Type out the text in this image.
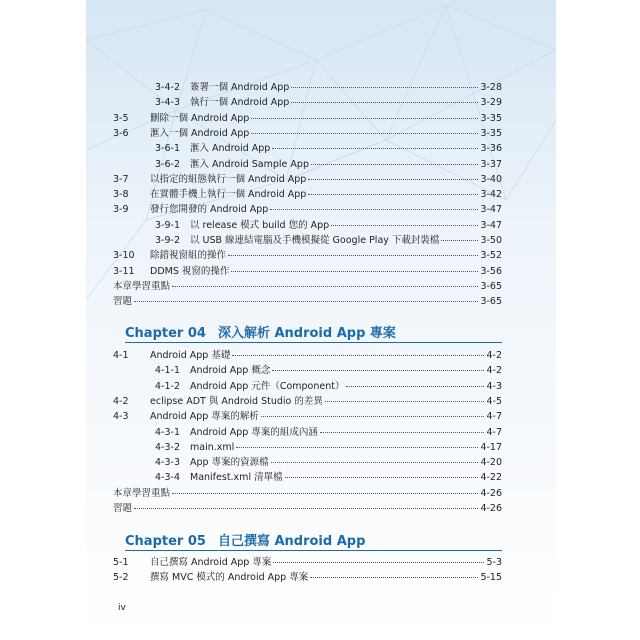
3-4-2	簽署一個 Android App	3-28
3-4-3	執行一個 Android App	3-29
3-5	刪除一個 Android App	3-35
3-6	滙入一個 Android App	3-35
3-6-1	滙入 Android App	3-36
3-6-2	滙入 Android Sample App	3-37
3-7	以指定的組態執行一個 Android App	3-40
3-8	在實體手機上執行一個 Android App	3-42
3-9	發行您開發的 Android App	3-47
3-9-1	以 release 模式 build 您的 App	3-47
3-9-2	以 USB 線連結電腦及手機模擬從 Google Play 下載封裝檔	3-50
3-10	除錯視窗組的操作	3-52
3-11	DDMS 視窗的操作	3-56
本章學習重點	3-65
習題	3-65
Chapter 04 深入解析 Android App 專案
4-1	Android App 基礎	4-2
4-1-1	Android App 概念	4-2
4-1-2	Android App 元件（Component）	4-3
4-2	eclipse ADT 與 Android Studio 的差異	4-5
4-3	Android App 專案的解析	4-7
4-3-1	Android App 專案的組成內涵	4-7
4-3-2	main.xml	4-17
4-3-3	App 專案的資源檔	4-20
4-3-4	Manifest.xml 清單檔	4-22
本章學習重點	4-26
習題	4-26
Chapter 05 自己撰寫 Android App
5-1	自己撰寫 Android App 專案	5-3
5-2	撰寫 MVC 模式的 Android App 專案	5-15
iv
